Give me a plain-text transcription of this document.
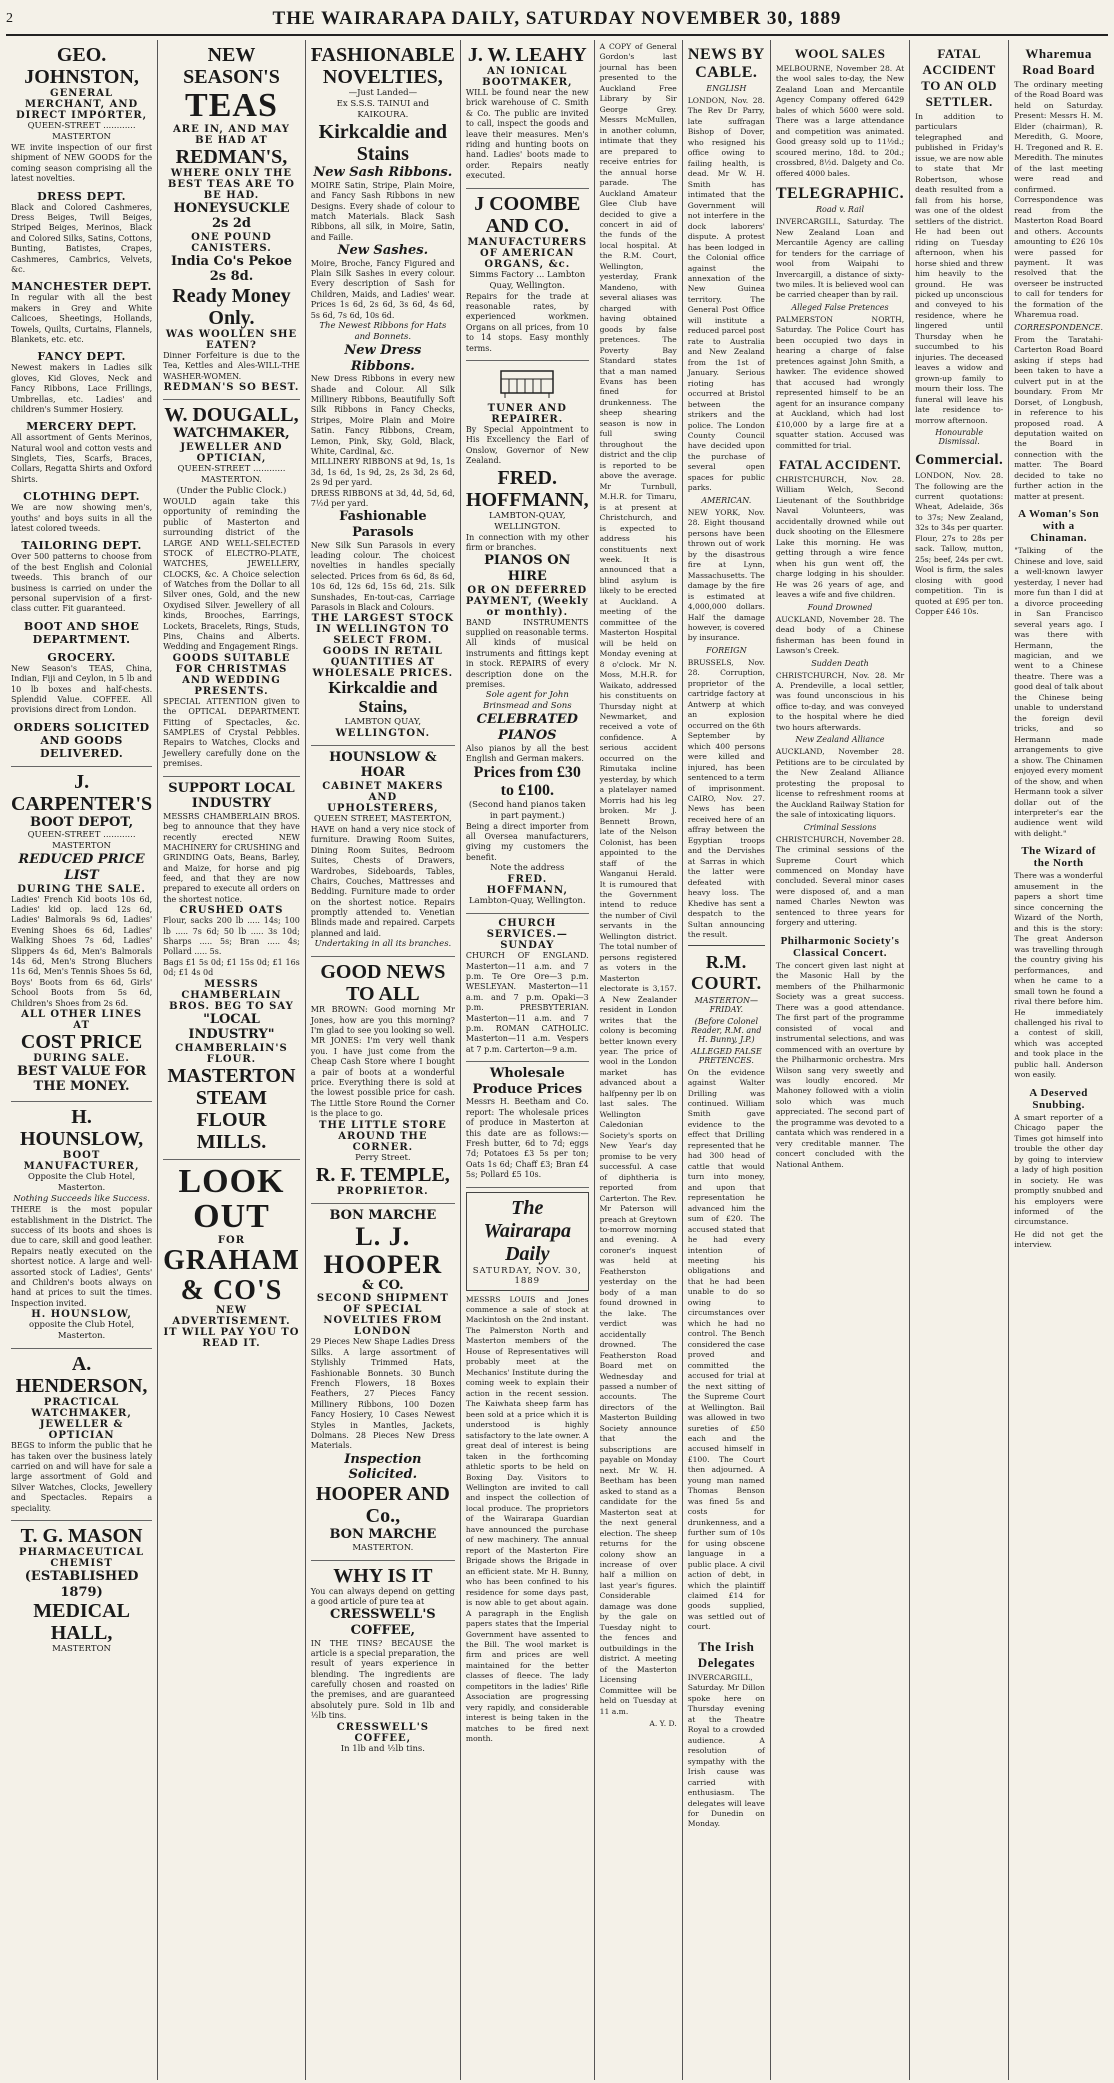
2	THE WAIRARAPA DAILY, SATURDAY NOVEMBER 30, 1889
GEO. JOHNSTON,
GENERAL MERCHANT, AND DIRECT IMPORTER,
QUEEN-STREET ............ MASTERTON
WE invite inspection of our first shipment of NEW GOODS for the coming season comprising all the latest novelties.
DRESS DEPT.
Black and Colored Cashmeres, Dress Beiges, Twill Beiges, Striped Beiges, Merinos, Black and Colored Silks, Satins, Cottons, Bunting, Batistes, Crapes, Cashmeres, Cambrics, Velvets, &c.
MANCHESTER DEPT.
In regular with all the best makers in Grey and White Calicoes, Sheetings, Hollands, Towels, Quilts, Curtains, Flannels, Blankets, etc. etc.
FANCY DEPT.
Newest makers in Ladies silk gloves, Kid Gloves, Neck and Fancy Ribbons, Lace Frillings, Umbrellas, etc. Ladies' and children's Summer Hosiery.
MERCERY DEPT.
All assortment of Gents Merinos, Natural wool and cotton vests and Singlets, Ties, Scarfs, Braces, Collars, Regatta Shirts and Oxford Shirts.
CLOTHING DEPT.
We are now showing men's, youths' and boys suits in all the latest colored tweeds.
TAILORING DEPT.
Over 500 patterns to choose from of the best English and Colonial tweeds. This branch of our business is carried on under the personal supervision of a first-class cutter. Fit guaranteed.
BOOT AND SHOE DEPARTMENT.
GROCERY.
New Season's TEAS, China, Indian, Fiji and Ceylon, in 5 lb and 10 lb boxes and half-chests. Splendid Value. COFFEE. All provisions direct from London.
ORDERS SOLICITED AND GOODS DELIVERED.
J. CARPENTER'S
BOOT DEPOT,
QUEEN-STREET ............ MASTERTON
REDUCED PRICE LIST
DURING THE SALE.
Ladies' French Kid boots 10s 6d, Ladies' kid op. lacd 12s 6d, Ladies' Balmorals 9s 6d, Ladies' Evening Shoes 6s 6d, Ladies' Walking Shoes 7s 6d, Ladies' Slippers 4s 6d, Men's Balmorals 14s 6d, Men's Strong Bluchers 11s 6d, Men's Tennis Shoes 5s 6d, Boys' Boots from 6s 6d, Girls' School Boots from 5s 6d, Children's Shoes from 2s 6d.
ALL OTHER LINES AT
COST PRICE
DURING SALE.
BEST VALUE FOR THE MONEY.
H. HOUNSLOW,
BOOT MANUFACTURER,
Opposite the Club Hotel, Masterton.
Nothing Succeeds like Success.
THERE is the most popular establishment in the District. The success of its boots and shoes is due to care, skill and good leather. Repairs neatly executed on the shortest notice. A large and well-assorted stock of Ladies', Gents' and Children's boots always on hand at prices to suit the times. Inspection invited.
H. HOUNSLOW,
opposite the Club Hotel, Masterton.
A. HENDERSON,
PRACTICAL WATCHMAKER, JEWELLER & OPTICIAN
BEGS to inform the public that he has taken over the business lately carried on and will have for sale a large assortment of Gold and Silver Watches, Clocks, Jewellery and Spectacles. Repairs a speciality.
T. G. MASON
PHARMACEUTICAL CHEMIST
(ESTABLISHED 1879)
MEDICAL HALL,
MASTERTON
NEW SEASON'S
TEAS
ARE IN, AND MAY BE HAD AT
REDMAN'S,
WHERE ONLY THE BEST TEAS ARE TO BE HAD.
HONEYSUCKLE 2s 2d
ONE POUND CANISTERS.
India Co's Pekoe 2s 8d.
Ready Money Only.
WAS WOOLLEN SHE EATEN?
Dinner Forfeiture is due to the Tea, Kettles and Ales-WILL-THE WASHER-WOMEN.
REDMAN'S SO BEST.
W. DOUGALL,
WATCHMAKER,
JEWELLER AND OPTICIAN,
QUEEN-STREET ............ MASTERTON.
(Under the Public Clock.)
WOULD again take this opportunity of reminding the public of Masterton and surrounding district of the LARGE AND WELL-SELECTED STOCK of ELECTRO-PLATE, WATCHES, JEWELLERY, CLOCKS, &c. A Choice selection of Watches from the Dollar to all Silver ones, Gold, and the new Oxydised Silver. Jewellery of all kinds, Brooches, Earrings, Lockets, Bracelets, Rings, Studs, Pins, Chains and Alberts. Wedding and Engagement Rings.
GOODS SUITABLE FOR CHRISTMAS AND WEDDING PRESENTS.
SPECIAL ATTENTION given to the OPTICAL DEPARTMENT. Fitting of Spectacles, &c. SAMPLES of Crystal Pebbles. Repairs to Watches, Clocks and Jewellery carefully done on the premises.
SUPPORT LOCAL INDUSTRY
MESSRS CHAMBERLAIN BROS. beg to announce that they have recently erected NEW MACHINERY for CRUSHING and GRINDING Oats, Beans, Barley, and Maize, for horse and pig feed, and that they are now prepared to execute all orders on the shortest notice.
CRUSHED OATS
Flour, sacks 200 lb ..... 14s; 100 lb ..... 7s 6d; 50 lb ..... 3s 10d; Sharps ..... 5s; Bran ..... 4s; Pollard ..... 5s.
Bags £1 5s 0d; £1 15s 0d; £1 16s 0d; £1 4s 0d
MESSRS CHAMBERLAIN BROS. BEG TO SAY
"LOCAL INDUSTRY"
CHAMBERLAIN'S FLOUR.
MASTERTON
STEAM FLOUR MILLS.
LOOK OUT
FOR
GRAHAM & CO'S
NEW ADVERTISEMENT.
IT WILL PAY YOU TO READ IT.
FASHIONABLE
NOVELTIES,
—Just Landed—
Ex S.S.S. TAINUI and KAIKOURA.
Kirkcaldie and Stains
New Sash Ribbons.
MOIRE Satin, Stripe, Plain Moire, and Fancy Sash Ribbons in new Designs. Every shade of colour to match Materials. Black Sash Ribbons, all silk, in Moire, Satin, and Faille.
New Sashes.
Moire, Broche, Fancy Figured and Plain Silk Sashes in every colour. Every description of Sash for Children, Maids, and Ladies' wear. Prices 1s 6d, 2s 6d, 3s 6d, 4s 6d, 5s 6d, 7s 6d, 10s 6d.
The Newest Ribbons for Hats and Bonnets.
New Dress Ribbons.
New Dress Ribbons in every new Shade and Colour. All Silk Millinery Ribbons, Beautifully Soft Silk Ribbons in Fancy Checks, Stripes, Moire Plain and Moire Satin. Fancy Ribbons, Cream, Lemon, Pink, Sky, Gold, Black, White, Cardinal, &c.
MILLINERY RIBBONS at 9d, 1s, 1s 3d, 1s 6d, 1s 9d, 2s, 2s 3d, 2s 6d, 2s 9d per yard.
DRESS RIBBONS at 3d, 4d, 5d, 6d, 7½d per yard.
Fashionable Parasols
New Silk Sun Parasols in every leading colour. The choicest novelties in handles specially selected. Prices from 6s 6d, 8s 6d, 10s 6d, 12s 6d, 15s 6d, 21s. Silk Sunshades, En-tout-cas, Carriage Parasols in Black and Colours.
THE LARGEST STOCK IN WELLINGTON TO SELECT FROM.
GOODS IN RETAIL QUANTITIES AT WHOLESALE PRICES.
Kirkcaldie and Stains,
LAMBTON QUAY,
WELLINGTON.
HOUNSLOW & HOAR
CABINET MAKERS AND UPHOLSTERERS,
QUEEN STREET, MASTERTON,
HAVE on hand a very nice stock of furniture. Drawing Room Suites, Dining Room Suites, Bedroom Suites, Chests of Drawers, Wardrobes, Sideboards, Tables, Chairs, Couches, Mattresses and Bedding. Furniture made to order on the shortest notice. Repairs promptly attended to. Venetian Blinds made and repaired. Carpets planned and laid.
Undertaking in all its branches.
GOOD NEWS TO ALL
MR BROWN: Good morning Mr Jones, how are you this morning? I'm glad to see you looking so well. MR JONES: I'm very well thank you. I have just come from the Cheap Cash Store where I bought a pair of boots at a wonderful price. Everything there is sold at the lowest possible price for cash. The Little Store Round the Corner is the place to go.
THE LITTLE STORE AROUND THE CORNER.
Perry Street.
R. F. TEMPLE,
PROPRIETOR.
BON MARCHE
L. J. HOOPER
& CO.
SECOND SHIPMENT OF SPECIAL NOVELTIES FROM LONDON
29 Pieces New Shape Ladies Dress Silks. A large assortment of Stylishly Trimmed Hats, Fashionable Bonnets. 30 Bunch French Flowers, 18 Boxes Feathers, 27 Pieces Fancy Millinery Ribbons, 100 Dozen Fancy Hosiery, 10 Cases Newest Styles in Mantles, Jackets, Dolmans. 28 Pieces New Dress Materials.
Inspection Solicited.
HOOPER AND Co.,
BON MARCHE
MASTERTON.
WHY IS IT
You can always depend on getting a good article of pure tea at
CRESSWELL'S COFFEE,
IN THE TINS? BECAUSE the article is a special preparation, the result of years experience in blending. The ingredients are carefully chosen and roasted on the premises, and are guaranteed absolutely pure. Sold in 1lb and ½lb tins.
CRESSWELL'S COFFEE,
In 1lb and ½lb tins.
J. W. LEAHY
AN IONICAL BOOTMAKER,
WILL be found near the new brick warehouse of C. Smith & Co. The public are invited to call, inspect the goods and leave their measures. Men's riding and hunting boots on hand. Ladies' boots made to order. Repairs neatly executed.
J COOMBE AND CO.
MANUFACTURERS OF AMERICAN ORGANS, &c.
Simms Factory ... Lambton Quay, Wellington.
Repairs for the trade at reasonable rates, by experienced workmen. Organs on all prices, from 10 to 14 stops. Easy monthly terms.
TUNER AND REPAIRER.
By Special Appointment to His Excellency the Earl of Onslow, Governor of New Zealand.
FRED. HOFFMANN,
LAMBTON-QUAY, WELLINGTON.
In connection with my other firm or branches.
PIANOS ON HIRE
OR ON DEFERRED PAYMENT, (Weekly or monthly).
BAND INSTRUMENTS supplied on reasonable terms. All kinds of musical instruments and fittings kept in stock. REPAIRS of every description done on the premises.
Sole agent for John Brinsmead and Sons
CELEBRATED PIANOS
Also pianos by all the best English and German makers.
Prices from £30 to £100.
(Second hand pianos taken in part payment.)
Being a direct importer from all Oversea manufacturers, giving my customers the benefit.
Note the address
FRED. HOFFMANN,
Lambton-Quay, Wellington.
CHURCH SERVICES.—SUNDAY
CHURCH OF ENGLAND. Masterton—11 a.m. and 7 p.m. Te Ore Ore—3 p.m. WESLEYAN. Masterton—11 a.m. and 7 p.m. Opaki—3 p.m. PRESBYTERIAN. Masterton—11 a.m. and 7 p.m. ROMAN CATHOLIC. Masterton—11 a.m. Vespers at 7 p.m. Carterton—9 a.m.
Wholesale Produce Prices
Messrs H. Beetham and Co. report: The wholesale prices of produce in Masterton at this date are as follows:— Fresh butter, 6d to 7d; eggs 7d; Potatoes £3 5s per ton; Oats 1s 6d; Chaff £3; Bran £4 5s; Pollard £5 10s.
The Wairarapa Daily
SATURDAY, NOV. 30, 1889
MESSRS LOUIS and Jones commence a sale of stock at Mackintosh on the 2nd instant. The Palmerston North and Masterton members of the House of Representatives will probably meet at the Mechanics' Institute during the coming week to explain their action in the recent session. The Kaiwhata sheep farm has been sold at a price which it is understood is highly satisfactory to the late owner. A great deal of interest is being taken in the forthcoming athletic sports to be held on Boxing Day. Visitors to Wellington are invited to call and inspect the collection of local produce. The proprietors of the Wairarapa Guardian have announced the purchase of new machinery. The annual report of the Masterton Fire Brigade shows the Brigade in an efficient state. Mr H. Bunny, who has been confined to his residence for some days past, is now able to get about again. A paragraph in the English papers states that the Imperial Government have assented to the Bill. The wool market is firm and prices are well maintained for the better classes of fleece. The lady competitors in the ladies' Rifle Association are progressing very rapidly, and considerable interest is being taken in the matches to be fired next month.
A COPY of General Gordon's last journal has been presented to the Auckland Free Library by Sir George Grey. Messrs McMullen, in another column, intimate that they are prepared to receive entries for the annual horse parade. The Auckland Amateur Glee Club have decided to give a concert in aid of the funds of the local hospital. At the R.M. Court, Wellington, yesterday, Frank Mandeno, with several aliases was charged with having obtained goods by false pretences. The Poverty Bay Standard states that a man named Evans has been fined for drunkenness. The sheep shearing season is now in full swing throughout the district and the clip is reported to be above the average. Mr Turnbull, M.H.R. for Timaru, is at present at Christchurch, and is expected to address his constituents next week. It is announced that a blind asylum is likely to be erected at Auckland. A meeting of the committee of the Masterton Hospital will be held on Monday evening at 8 o'clock. Mr N. Moss, M.H.R. for Waikato, addressed his constituents on Thursday night at Newmarket, and received a vote of confidence. A serious accident occurred on the Rimutaka incline yesterday, by which a platelayer named Morris had his leg broken. Mr J. Bennett Brown, late of the Nelson Colonist, has been appointed to the staff of the Wanganui Herald. It is rumoured that the Government intend to reduce the number of Civil servants in the Wellington district. The total number of persons registered as voters in the Masterton electorate is 3,157. A New Zealander resident in London writes that the colony is becoming better known every year. The price of wool in the London market has advanced about a halfpenny per lb on last sales. The Wellington Caledonian Society's sports on New Year's day promise to be very successful. A case of diphtheria is reported from Carterton. The Rev. Mr Paterson will preach at Greytown to-morrow morning and evening. A coroner's inquest was held at Featherston yesterday on the body of a man found drowned in the lake. The verdict was accidentally drowned. The Featherston Road Board met on Wednesday and passed a number of accounts. The directors of the Masterton Building Society announce that the subscriptions are payable on Monday next. Mr W. H. Beetham has been asked to stand as a candidate for the Masterton seat at the next general election. The sheep returns for the colony show an increase of over half a million on last year's figures. Considerable damage was done by the gale on Tuesday night to the fences and outbuildings in the district. A meeting of the Masterton Licensing Committee will be held on Tuesday at 11 a.m.
A. Y. D.
NEWS BY CABLE.
ENGLISH
LONDON, Nov. 28. The Rev Dr Parry, late suffragan Bishop of Dover, who resigned his office owing to failing health, is dead. Mr W. H. Smith has intimated that the Government will not interfere in the dock laborers' dispute. A protest has been lodged in the Colonial office against the annexation of the New Guinea territory. The General Post Office will institute a reduced parcel post rate to Australia and New Zealand from the 1st of January. Serious rioting has occurred at Bristol between the strikers and the police. The London County Council have decided upon the purchase of several open spaces for public parks.
AMERICAN.
NEW YORK, Nov. 28. Eight thousand persons have been thrown out of work by the disastrous fire at Lynn, Massachusetts. The damage by the fire is estimated at 4,000,000 dollars. Half the damage however, is covered by insurance.
FOREIGN
BRUSSELS, Nov. 28. Corruption, proprietor of the cartridge factory at Antwerp at which an explosion occurred on the 6th September by which 400 persons were killed and injured, has been sentenced to a term of imprisonment. CAIRO, Nov. 27. News has been received here of an affray between the Egyptian troops and the Dervishes at Sarras in which the latter were defeated with heavy loss. The Khedive has sent a despatch to the Sultan announcing the result.
R.M. COURT.
MASTERTON—FRIDAY.
(Before Colonel Reader, R.M. and H. Bunny, J.P.)
ALLEGED FALSE PRETENCES.
On the evidence against Walter Drilling was continued. William Smith gave evidence to the effect that Drilling represented that he had 300 head of cattle that would turn into money, and upon that representation he advanced him the sum of £20. The accused stated that he had every intention of meeting his obligations and that he had been unable to do so owing to circumstances over which he had no control. The Bench considered the case proved and committed the accused for trial at the next sitting of the Supreme Court at Wellington. Bail was allowed in two sureties of £50 each and the accused himself in £100. The Court then adjourned. A young man named Thomas Benson was fined 5s and costs for drunkenness, and a further sum of 10s for using obscene language in a public place. A civil action of debt, in which the plaintiff claimed £14 for goods supplied, was settled out of court.
The Irish Delegates
INVERCARGILL, Saturday. Mr Dillon spoke here on Thursday evening at the Theatre Royal to a crowded audience. A resolution of sympathy with the Irish cause was carried with enthusiasm. The delegates will leave for Dunedin on Monday.
WOOL SALES
MELBOURNE, November 28. At the wool sales to-day, the New Zealand Loan and Mercantile Agency Company offered 6429 bales of which 5600 were sold. There was a large attendance and competition was animated. Good greasy sold up to 11½d.; scoured merino, 18d. to 20d.; crossbred, 8½d. Dalgety and Co. offered 4000 bales.
TELEGRAPHIC.
Road v. Rail
INVERCARGILL, Saturday. The New Zealand Loan and Mercantile Agency are calling for tenders for the carriage of wool from Waipahi to Invercargill, a distance of sixty-two miles. It is believed wool can be carried cheaper than by rail.
Alleged False Pretences
PALMERSTON NORTH, Saturday. The Police Court has been occupied two days in hearing a charge of false pretences against John Smith, a hawker. The evidence showed that accused had wrongly represented himself to be an agent for an insurance company at Auckland, which had lost £10,000 by a large fire at a squatter station. Accused was committed for trial.
FATAL ACCIDENT.
CHRISTCHURCH, Nov. 28. William Welch, Second Lieutenant of the Southbridge Naval Volunteers, was accidentally drowned while out duck shooting on the Ellesmere Lake this morning. He was getting through a wire fence when his gun went off, the charge lodging in his shoulder. He was 26 years of age, and leaves a wife and five children.
Found Drowned
AUCKLAND, November 28. The dead body of a Chinese fisherman has been found in Lawson's Creek.
Sudden Death
CHRISTCHURCH, Nov. 28. Mr A. Prendeville, a local settler, was found unconscious in his office to-day, and was conveyed to the hospital where he died two hours afterwards.
New Zealand Alliance
AUCKLAND, November 28. Petitions are to be circulated by the New Zealand Alliance protesting the proposal to license to refreshment rooms at the Auckland Railway Station for the sale of intoxicating liquors.
Criminal Sessions
CHRISTCHURCH, November 28. The criminal sessions of the Supreme Court which commenced on Monday have concluded. Several minor cases were disposed of, and a man named Charles Newton was sentenced to three years for forgery and uttering.
Philharmonic Society's Classical Concert.
The concert given last night at the Masonic Hall by the members of the Philharmonic Society was a great success. There was a good attendance. The first part of the programme consisted of vocal and instrumental selections, and was commenced with an overture by the Philharmonic orchestra. Mrs Wilson sang very sweetly and was loudly encored. Mr Mahoney followed with a violin solo which was much appreciated. The second part of the programme was devoted to a cantata which was rendered in a very creditable manner. The concert concluded with the National Anthem.
FATAL ACCIDENT TO AN OLD SETTLER.
In addition to particulars telegraphed and published in Friday's issue, we are now able to state that Mr Robertson, whose death resulted from a fall from his horse, was one of the oldest settlers of the district. He had been out riding on Tuesday afternoon, when his horse shied and threw him heavily to the ground. He was picked up unconscious and conveyed to his residence, where he lingered until Thursday when he succumbed to his injuries. The deceased leaves a widow and grown-up family to mourn their loss. The funeral will leave his late residence to-morrow afternoon.
Honourable Dismissal.
Commercial.
LONDON, Nov. 28. The following are the current quotations: Wheat, Adelaide, 36s to 37s; New Zealand, 32s to 34s per quarter. Flour, 27s to 28s per sack. Tallow, mutton, 25s; beef, 24s per cwt. Wool is firm, the sales closing with good competition. Tin is quoted at £95 per ton. Copper £46 10s.
Wharemua Road Board
The ordinary meeting of the Road Board was held on Saturday. Present: Messrs H. M. Elder (chairman), R. Meredith, G. Moore, H. Tregoned and R. E. Meredith. The minutes of the last meeting were read and confirmed. Correspondence was read from the Masterton Road Board and others. Accounts amounting to £26 10s were passed for payment. It was resolved that the overseer be instructed to call for tenders for the formation of the Wharemua road.
CORRESPONDENCE.
From the Taratahi-Carterton Road Board asking if steps had been taken to have a culvert put in at the boundary. From Mr Dorset, of Longbush, in reference to his proposed road. A deputation waited on the Board in connection with the matter. The Board decided to take no further action in the matter at present.
A Woman's Son with a Chinaman.
"Talking of the Chinese and love, said a well-known lawyer yesterday, I never had more fun than I did at a divorce proceeding in San Francisco several years ago. I was there with Hermann, the magician, and we went to a Chinese theatre. There was a good deal of talk about the Chinese being unable to understand the foreign devil tricks, and so Hermann made arrangements to give a show. The Chinamen enjoyed every moment of the show, and when Hermann took a silver dollar out of the interpreter's ear the audience went wild with delight."
The Wizard of the North
There was a wonderful amusement in the papers a short time since concerning the Wizard of the North, and this is the story: The great Anderson was travelling through the country giving his performances, and when he came to a small town he found a rival there before him. He immediately challenged his rival to a contest of skill, which was accepted and took place in the public hall. Anderson won easily.
A Deserved Snubbing.
A smart reporter of a Chicago paper the Times got himself into trouble the other day by going to interview a lady of high position in society. He was promptly snubbed and his employers were informed of the circumstance.
He did not get the interview.
